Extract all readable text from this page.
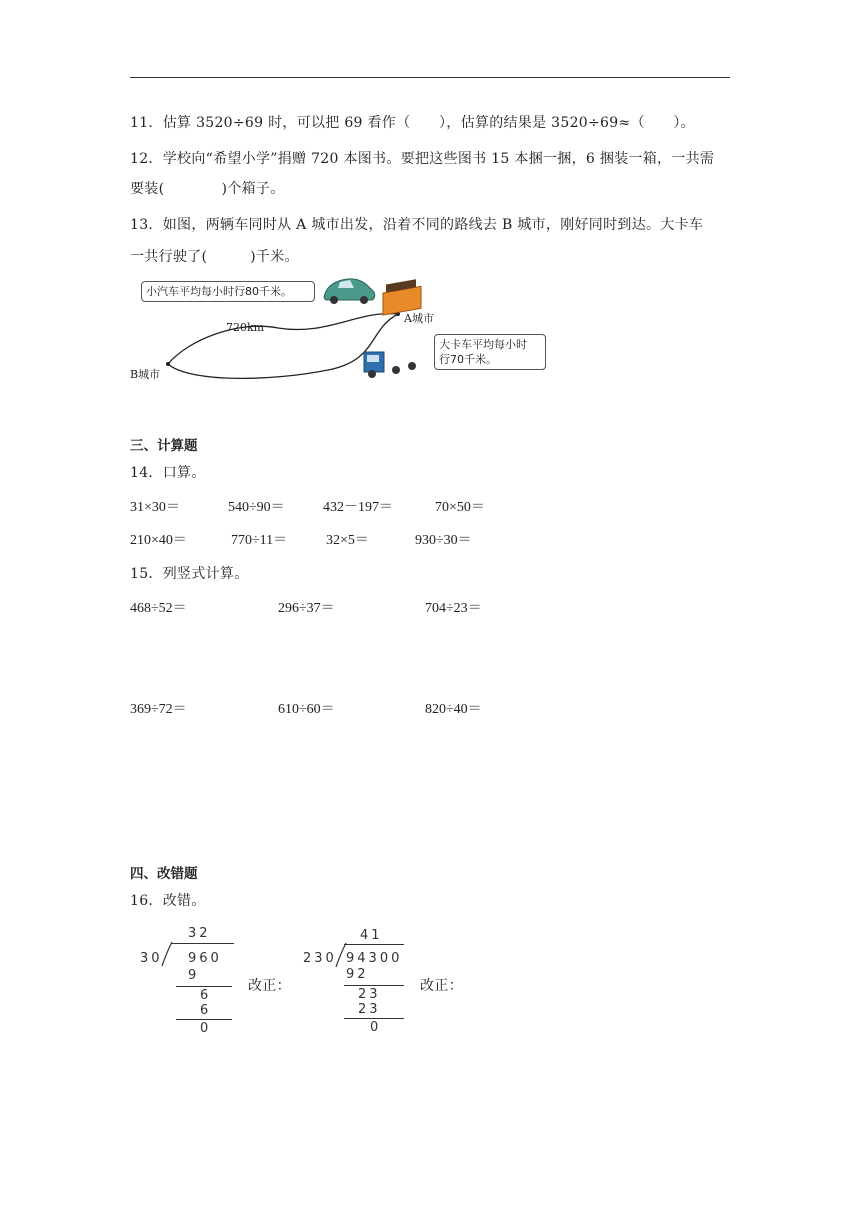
11．估算 3520÷69 时，可以把 69 看作（　　），估算的结果是 3520÷69≈（　　）。
12．学校向“希望小学”捐赠 720 本图书。要把这些图书 15 本捆一捆，6 捆装一箱，一共需
要装(　　　　)个箱子。
13．如图，两辆车同时从 A 城市出发，沿着不同的路线去 B 城市，刚好同时到达。大卡车
一共行驶了(　　　)千米。
小汽车平均每小时行80千米。
大卡车平均每小时
行70千米。
720km
A城市
B城市
三、计算题
14．口算。
31×30＝	540÷90＝	432－197＝	70×50＝
210×40＝	770÷11＝	32×5＝	930÷30＝
15．列竖式计算。
468÷52＝	296÷37＝	704÷23＝
369÷72＝	610÷60＝	820÷40＝
四、改错题
16．改错。
32
30 960
9
6
6
0
改正：
41
230 94300
92
23
23
0
改正：
